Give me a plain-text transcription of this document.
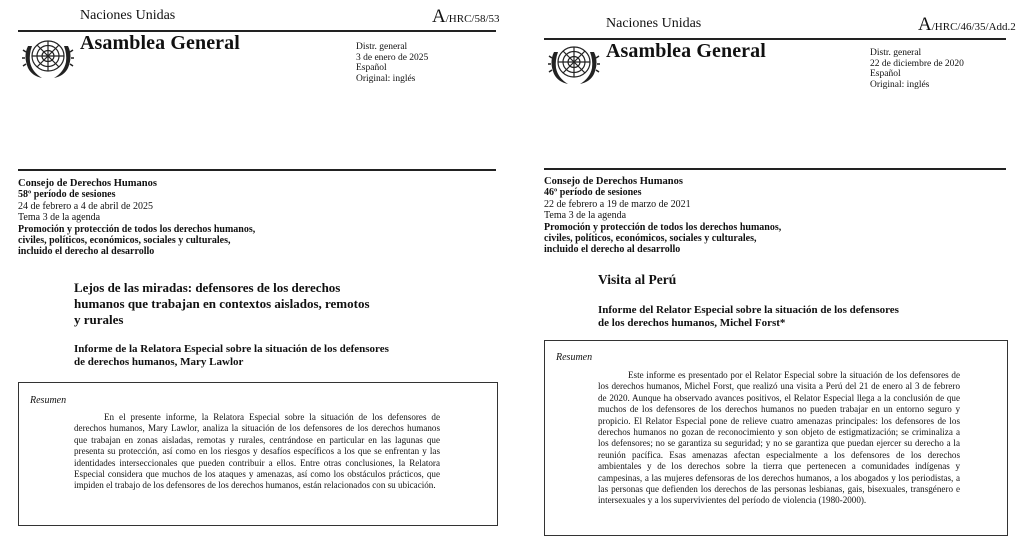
Naciones Unidas	A/HRC/58/53
Asamblea General	Distr. general
3 de enero de 2025
Español
Original: inglés
Consejo de Derechos Humanos
58º período de sesiones
24 de febrero a 4 de abril de 2025
Tema 3 de la agenda
Promoción y protección de todos los derechos humanos,
civiles, políticos, económicos, sociales y culturales,
incluido el derecho al desarrollo
Lejos de las miradas: defensores de los derechos
humanos que trabajan en contextos aislados, remotos
y rurales
Informe de la Relatora Especial sobre la situación de los defensores
de derechos humanos, Mary Lawlor
Resumen
En el presente informe, la Relatora Especial sobre la situación de los defensores de derechos humanos, Mary Lawlor, analiza la situación de los defensores de los derechos humanos que trabajan en zonas aisladas, remotas y rurales, centrándose en particular en las lagunas que presenta su protección, así como en los riesgos y desafíos específicos a los que se enfrentan y las identidades interseccionales que pueden contribuir a ellos. Entre otras conclusiones, la Relatora Especial considera que muchos de los ataques y amenazas, así como los obstáculos prácticos, que impiden el trabajo de los defensores de los derechos humanos, están relacionados con su ubicación.
Naciones Unidas	A/HRC/46/35/Add.2
Asamblea General	Distr. general
22 de diciembre de 2020
Español
Original: inglés
Consejo de Derechos Humanos
46º período de sesiones
22 de febrero a 19 de marzo de 2021
Tema 3 de la agenda
Promoción y protección de todos los derechos humanos,
civiles, políticos, económicos, sociales y culturales,
incluido el derecho al desarrollo
Visita al Perú
Informe del Relator Especial sobre la situación de los defensores
de los derechos humanos, Michel Forst*
Resumen
Este informe es presentado por el Relator Especial sobre la situación de los defensores de los derechos humanos, Michel Forst, que realizó una visita a Perú del 21 de enero al 3 de febrero de 2020. Aunque ha observado avances positivos, el Relator Especial llega a la conclusión de que muchos de los defensores de los derechos humanos no pueden trabajar en un entorno seguro y propicio. El Relator Especial pone de relieve cuatro amenazas principales: los defensores de los derechos humanos no gozan de reconocimiento y son objeto de estigmatización; se criminaliza a los defensores; no se garantiza su seguridad; y no se garantiza que puedan ejercer su derecho a la reunión pacífica. Esas amenazas afectan especialmente a los defensores de los derechos ambientales y de los derechos sobre la tierra que pertenecen a comunidades indígenas y campesinas, a las mujeres defensoras de los derechos humanos, a los abogados y los periodistas, a las personas que defienden los derechos de las personas lesbianas, gais, bisexuales, transgénero e intersexuales y a los supervivientes del período de violencia (1980-2000).
